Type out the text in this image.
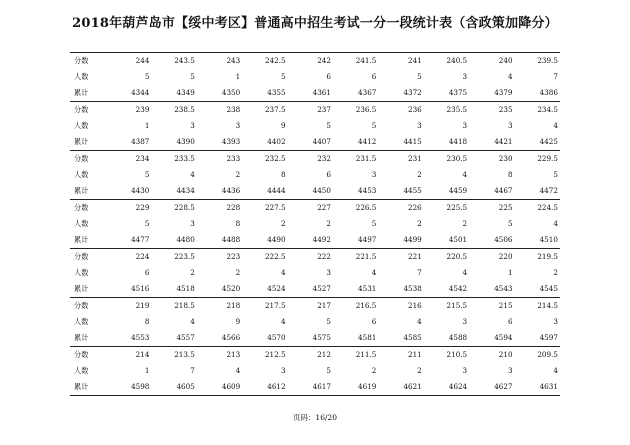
2018年葫芦岛市【绥中考区】普通高中招生考试一分一段统计表（含政策加降分）
分数	244	243.5	243	242.5	242	241.5	241	240.5	240	239.5
人数	5	5	1	5	6	6	5	3	4	7
累计	4344	4349	4350	4355	4361	4367	4372	4375	4379	4386
分数	239	238.5	238	237.5	237	236.5	236	235.5	235	234.5
人数	1	3	3	9	5	5	3	3	3	4
累计	4387	4390	4393	4402	4407	4412	4415	4418	4421	4425
分数	234	233.5	233	232.5	232	231.5	231	230.5	230	229.5
人数	5	4	2	8	6	3	2	4	8	5
累计	4430	4434	4436	4444	4450	4453	4455	4459	4467	4472
分数	229	228.5	228	227.5	227	226.5	226	225.5	225	224.5
人数	5	3	8	2	2	5	2	2	5	4
累计	4477	4480	4488	4490	4492	4497	4499	4501	4506	4510
分数	224	223.5	223	222.5	222	221.5	221	220.5	220	219.5
人数	6	2	2	4	3	4	7	4	1	2
累计	4516	4518	4520	4524	4527	4531	4538	4542	4543	4545
分数	219	218.5	218	217.5	217	216.5	216	215.5	215	214.5
人数	8	4	9	4	5	6	4	3	6	3
累计	4553	4557	4566	4570	4575	4581	4585	4588	4594	4597
分数	214	213.5	213	212.5	212	211.5	211	210.5	210	209.5
人数	1	7	4	3	5	2	2	3	3	4
累计	4598	4605	4609	4612	4617	4619	4621	4624	4627	4631
页码：16/20
